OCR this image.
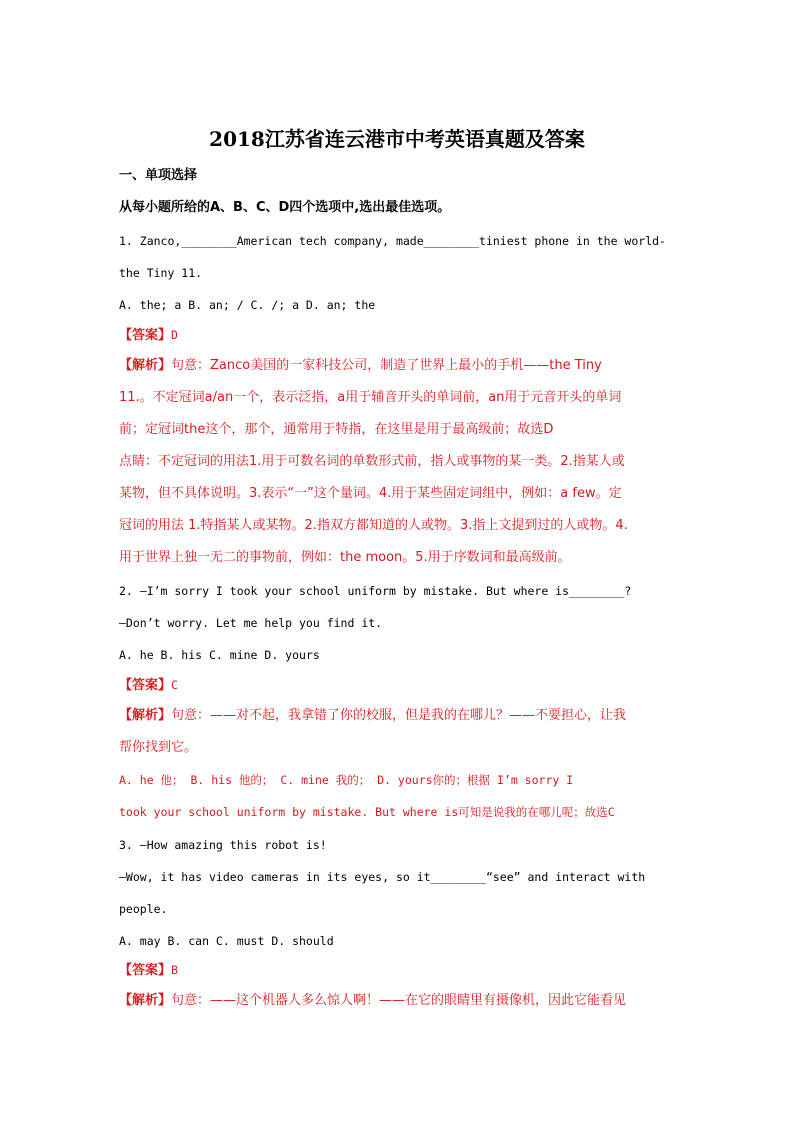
2018江苏省连云港市中考英语真题及答案
一、单项选择
从每小题所给的A、B、C、D四个选项中,选出最佳选项。
1. Zanco,________American tech company, made________tiniest phone in the world-
the Tiny 11.
A. the; a B. an; / C. /; a D. an; the
【答案】D
【解析】句意：Zanco美国的一家科技公司，制造了世界上最小的手机——the Tiny
11.。不定冠词a/an一个，表示泛指，a用于辅音开头的单词前，an用于元音开头的单词
前；定冠词the这个，那个，通常用于特指，在这里是用于最高级前；故选D
点睛：不定冠词的用法1.用于可数名词的单数形式前，指人或事物的某一类。2.指某人或
某物，但不具体说明。3.表示“一”这个量词。4.用于某些固定词组中，例如：a few。定
冠词的用法 1.特指某人或某物。2.指双方都知道的人或物。3.指上文提到过的人或物。4.
用于世界上独一无二的事物前，例如：the moon。5.用于序数词和最高级前。
2. —I’m sorry I took your school uniform by mistake. But where is________?
—Don’t worry. Let me help you find it.
A. he B. his C. mine D. yours
【答案】C
【解析】句意：——对不起，我拿错了你的校服，但是我的在哪儿？——不要担心，让我
帮你找到它。
A. he 他； B. his 他的； C. mine 我的； D. yours你的；根据 I’m sorry I
took your school uniform by mistake. But where is可知是说我的在哪儿呢；故选C
3. —How amazing this robot is!
—Wow, it has video cameras in its eyes, so it________“see” and interact with
people.
A. may B. can C. must D. should
【答案】B
【解析】句意：——这个机器人多么惊人啊！——在它的眼睛里有摄像机，因此它能看见
